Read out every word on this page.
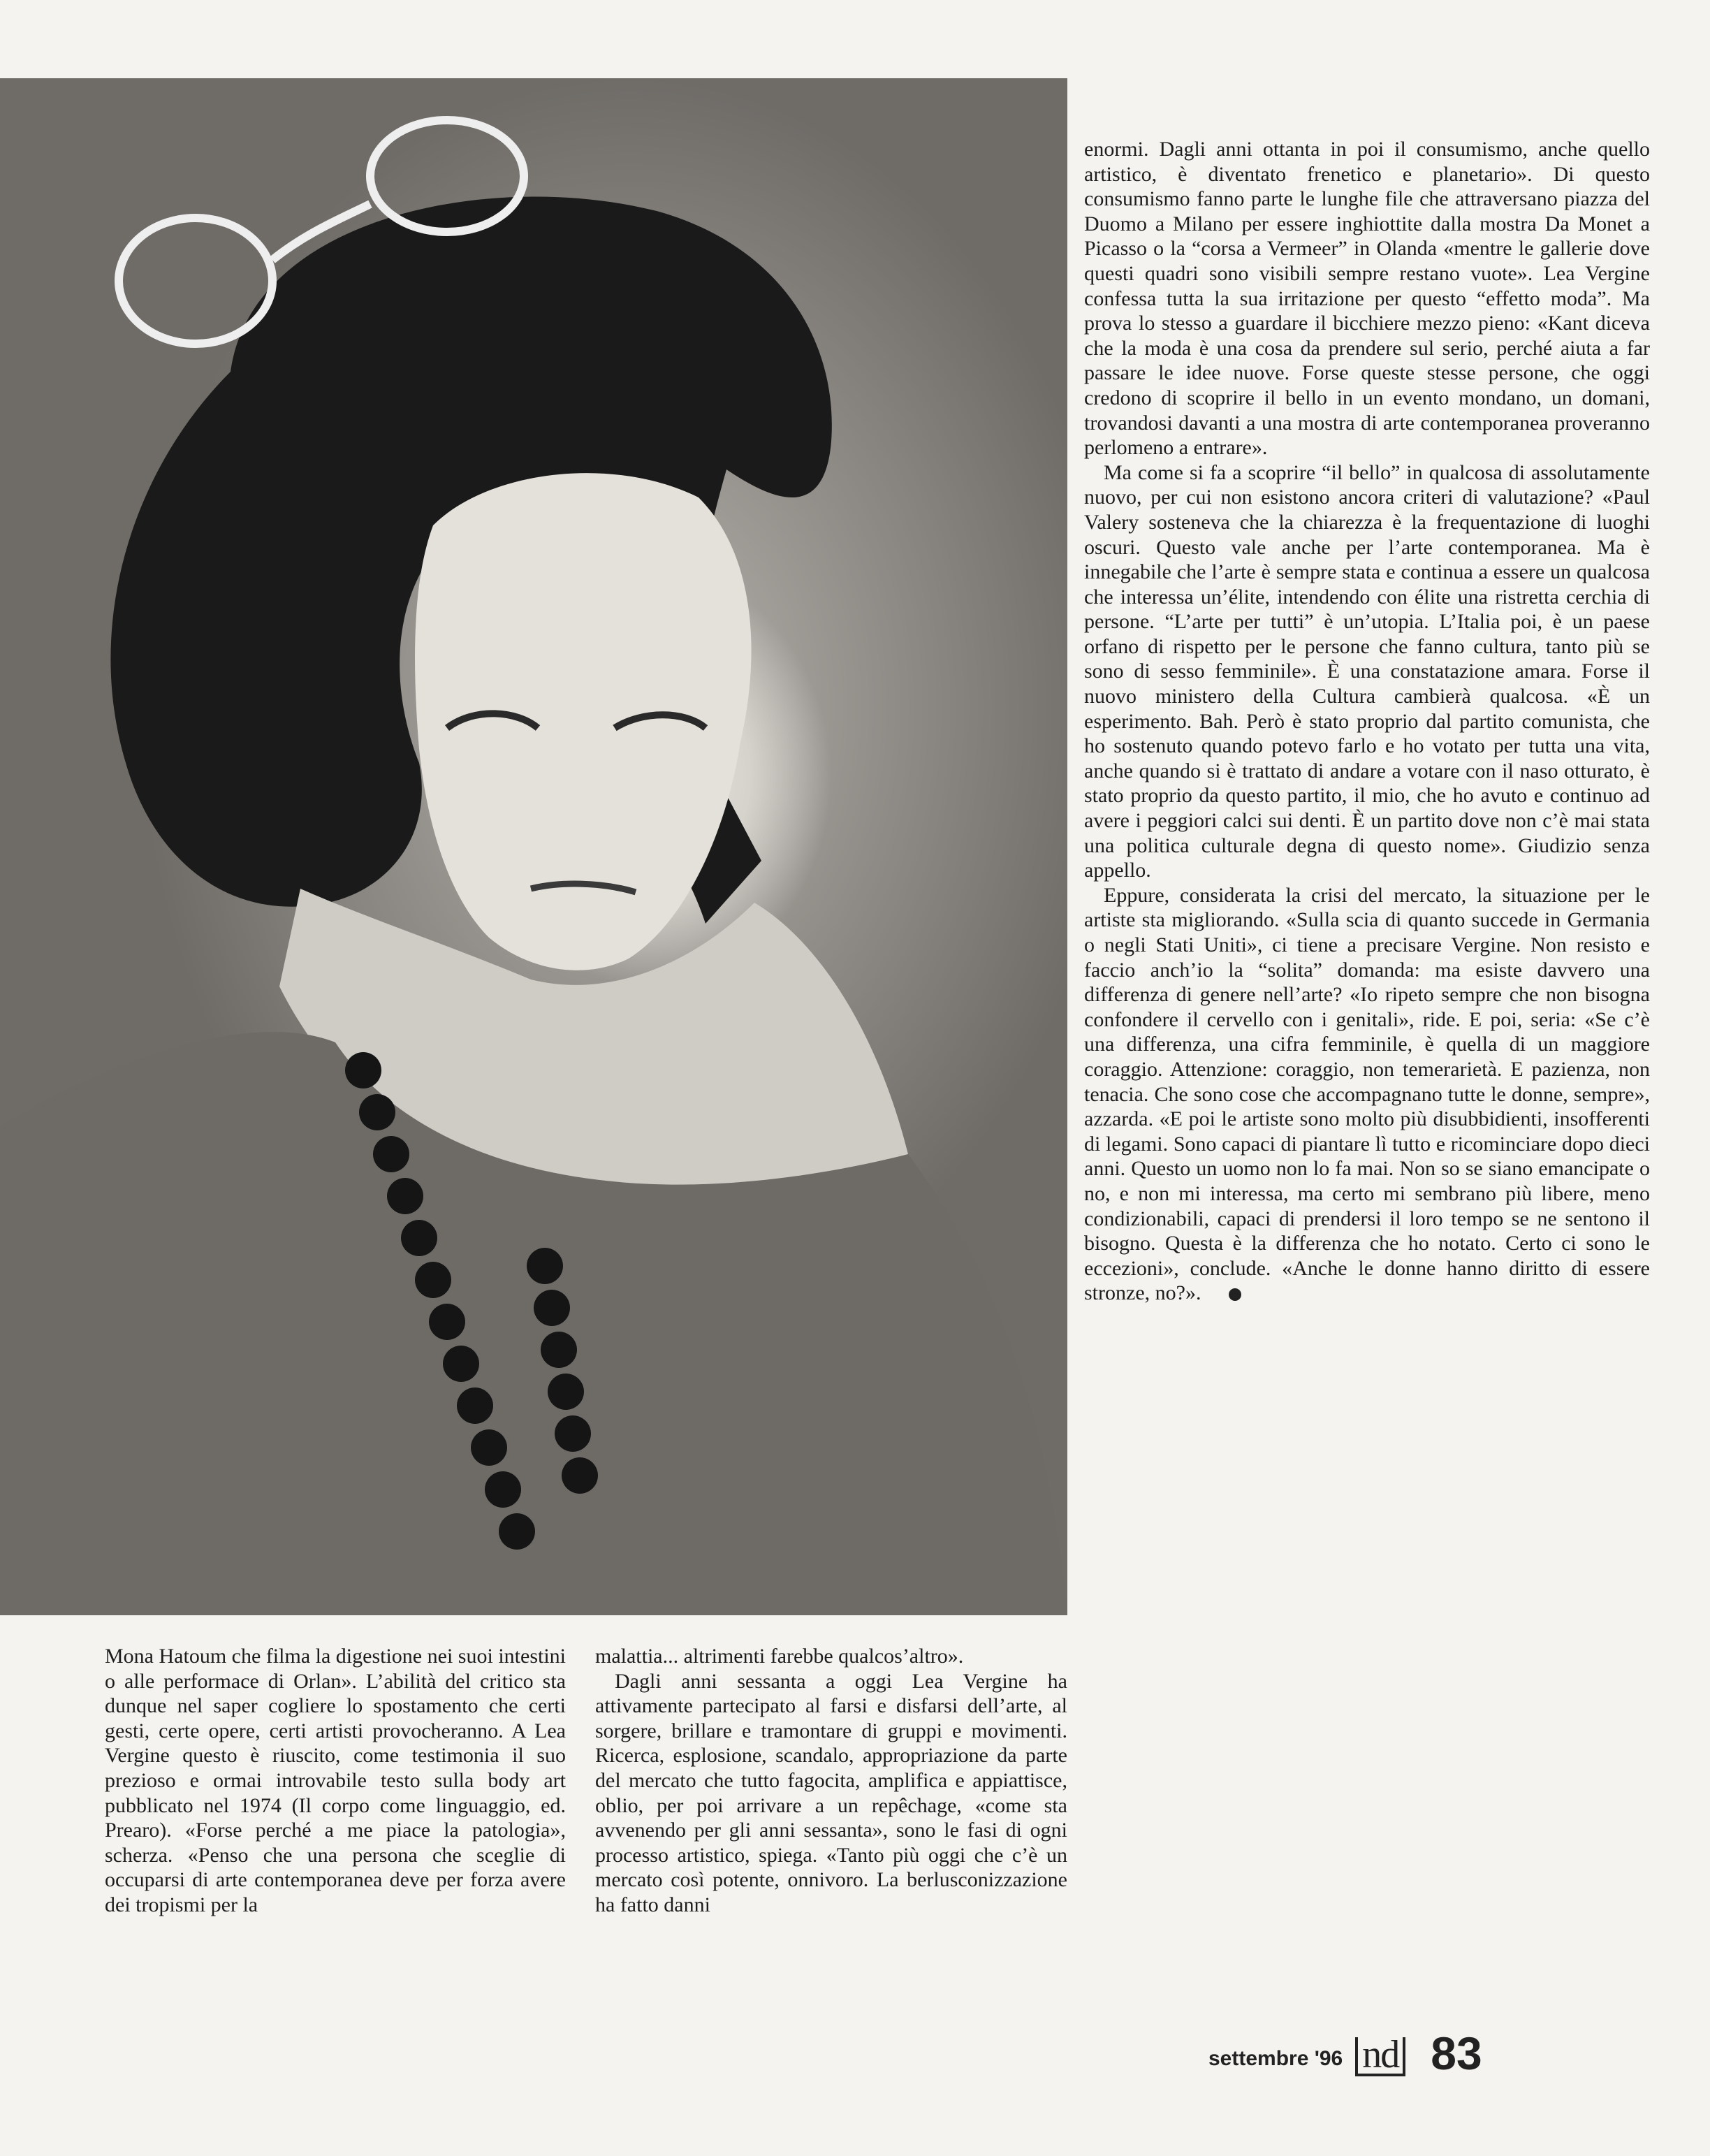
enormi. Dagli anni ottanta in poi il consumismo, anche quello artistico, è diventato frenetico e planetario». Di questo consumismo fanno parte le lunghe file che attraversano piazza del Duomo a Milano per essere inghiottite dalla mostra Da Monet a Picasso o la “corsa a Vermeer” in Olanda «mentre le gallerie dove questi quadri sono visibili sempre restano vuote». Lea Vergine confessa tutta la sua irritazione per questo “effetto moda”. Ma prova lo stesso a guardare il bicchiere mezzo pieno: «Kant diceva che la moda è una cosa da prendere sul serio, perché aiuta a far passare le idee nuove. Forse queste stesse persone, che oggi credono di scoprire il bello in un evento mondano, un domani, trovandosi davanti a una mostra di arte contemporanea proveranno perlomeno a entrare».

Ma come si fa a scoprire “il bello” in qualcosa di assolutamente nuovo, per cui non esistono ancora criteri di valutazione? «Paul Valery sosteneva che la chiarezza è la frequentazione di luoghi oscuri. Questo vale anche per l’arte contemporanea. Ma è innegabile che l’arte è sempre stata e continua a essere un qualcosa che interessa un’élite, intendendo con élite una ristretta cerchia di persone. “L’arte per tutti” è un’utopia. L’Italia poi, è un paese orfano di rispetto per le persone che fanno cultura, tanto più se sono di sesso femminile». È una constatazione amara. Forse il nuovo ministero della Cultura cambierà qualcosa. «È un esperimento. Bah. Però è stato proprio dal partito comunista, che ho sostenuto quando potevo farlo e ho votato per tutta una vita, anche quando si è trattato di andare a votare con il naso otturato, è stato proprio da questo partito, il mio, che ho avuto e continuo ad avere i peggiori calci sui denti. È un partito dove non c’è mai stata una politica culturale degna di questo nome». Giudizio senza appello.

Eppure, considerata la crisi del mercato, la situazione per le artiste sta migliorando. «Sulla scia di quanto succede in Germania o negli Stati Uniti», ci tiene a precisare Vergine. Non resisto e faccio anch’io la “solita” domanda: ma esiste davvero una differenza di genere nell’arte? «Io ripeto sempre che non bisogna confondere il cervello con i genitali», ride. E poi, seria: «Se c’è una differenza, una cifra femminile, è quella di un maggiore coraggio. Attenzione: coraggio, non temerarietà. E pazienza, non tenacia. Che sono cose che accompagnano tutte le donne, sempre», azzarda. «E poi le artiste sono molto più disubbidienti, insofferenti di legami. Sono capaci di piantare lì tutto e ricominciare dopo dieci anni. Questo un uomo non lo fa mai. Non so se siano emancipate o no, e non mi interessa, ma certo mi sembrano più libere, meno condizionabili, capaci di prendersi il loro tempo se ne sentono il bisogno. Questa è la differenza che ho notato. Certo ci sono le eccezioni», conclude. «Anche le donne hanno diritto di essere stronze, no?».

Mona Hatoum che filma la digestione nei suoi intestini o alle performace di Orlan». L’abilità del critico sta dunque nel saper cogliere lo spostamento che certi gesti, certe opere, certi artisti provocheranno. A Lea Vergine questo è riuscito, come testimonia il suo prezioso e ormai introvabile testo sulla body art pubblicato nel 1974 (Il corpo come linguaggio, ed. Prearo). «Forse perché a me piace la patologia», scherza. «Penso che una persona che sceglie di occuparsi di arte contemporanea deve per forza avere dei tropismi per la

malattia... altrimenti farebbe qualcos’altro».

Dagli anni sessanta a oggi Lea Vergine ha attivamente partecipato al farsi e disfarsi dell’arte, al sorgere, brillare e tramontare di gruppi e movimenti. Ricerca, esplosione, scandalo, appropriazione da parte del mercato che tutto fagocita, amplifica e appiattisce, oblio, per poi arrivare a un repêchage, «come sta avvenendo per gli anni sessanta», sono le fasi di ogni processo artistico, spiega. «Tanto più oggi che c’è un mercato così potente, onnivoro. La berlusconizzazione ha fatto danni

settembre '96 nd 83
